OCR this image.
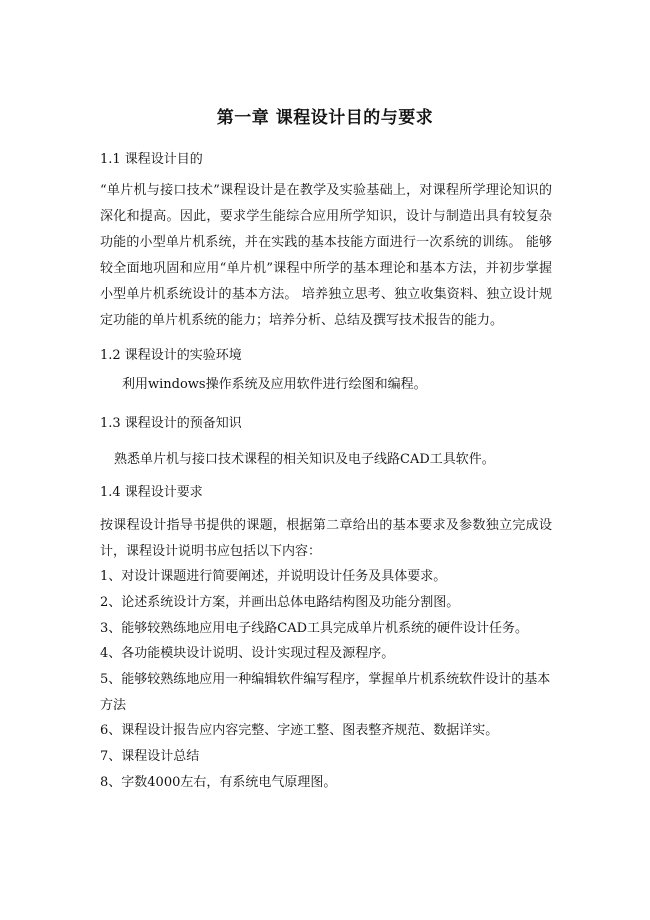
第一章 课程设计目的与要求
1.1 课程设计目的
“单片机与接口技术”课程设计是在教学及实验基础上，对课程所学理论知识的深化和提高。因此，要求学生能综合应用所学知识，设计与制造出具有较复杂功能的小型单片机系统，并在实践的基本技能方面进行一次系统的训练。 能够较全面地巩固和应用“单片机”课程中所学的基本理论和基本方法，并初步掌握小型单片机系统设计的基本方法。 培养独立思考、独立收集资料、独立设计规定功能的单片机系统的能力；培养分析、总结及撰写技术报告的能力。
1.2 课程设计的实验环境
利用windows操作系统及应用软件进行绘图和编程。
1.3 课程设计的预备知识
熟悉单片机与接口技术课程的相关知识及电子线路CAD工具软件。
1.4 课程设计要求
按课程设计指导书提供的课题，根据第二章给出的基本要求及参数独立完成设计，课程设计说明书应包括以下内容：
1、对设计课题进行简要阐述，并说明设计任务及具体要求。
2、论述系统设计方案，并画出总体电路结构图及功能分割图。
3、能够较熟练地应用电子线路CAD工具完成单片机系统的硬件设计任务。
4、各功能模块设计说明、设计实现过程及源程序。
5、能够较熟练地应用一种编辑软件编写程序，掌握单片机系统软件设计的基本
方法
6、课程设计报告应内容完整、字迹工整、图表整齐规范、数据详实。
7、课程设计总结
8、字数4000左右，有系统电气原理图。
